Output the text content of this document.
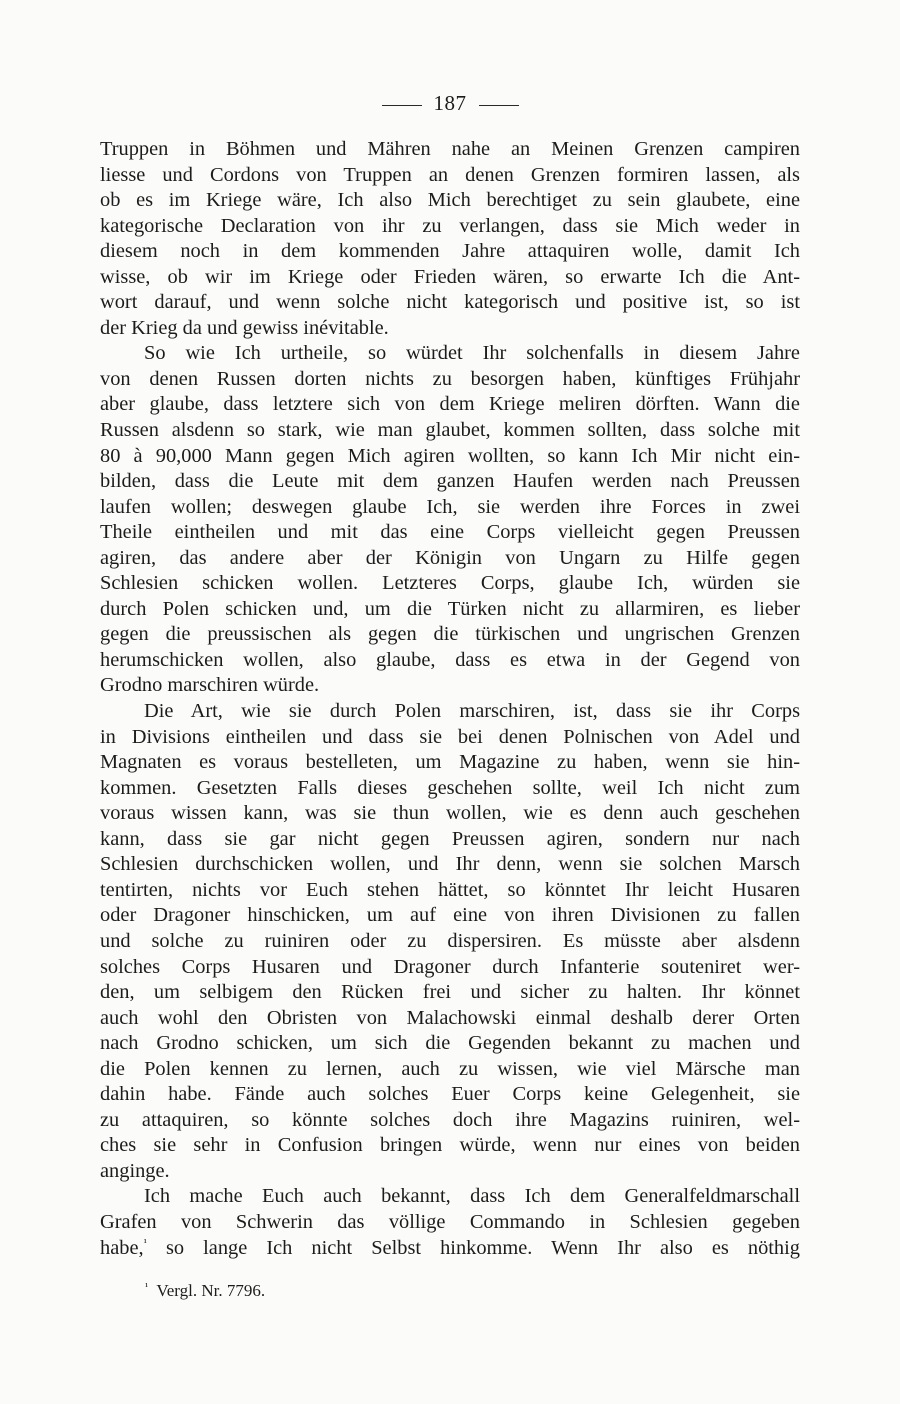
187
Truppen in Böhmen und Mähren nahe an Meinen Grenzen campiren
liesse und Cordons von Truppen an denen Grenzen formiren lassen, als
ob es im Kriege wäre, Ich also Mich berechtiget zu sein glaubete, eine
kategorische Declaration von ihr zu verlangen, dass sie Mich weder in
diesem noch in dem kommenden Jahre attaquiren wolle, damit Ich
wisse, ob wir im Kriege oder Frieden wären, so erwarte Ich die Ant-
wort darauf, und wenn solche nicht kategorisch und positive ist, so ist
der Krieg da und gewiss inévitable.
So wie Ich urtheile, so würdet Ihr solchenfalls in diesem Jahre
von denen Russen dorten nichts zu besorgen haben, künftiges Frühjahr
aber glaube, dass letztere sich von dem Kriege meliren dörften. Wann die
Russen alsdenn so stark, wie man glaubet, kommen sollten, dass solche mit
80 à 90,000 Mann gegen Mich agiren wollten, so kann Ich Mir nicht ein-
bilden, dass die Leute mit dem ganzen Haufen werden nach Preussen
laufen wollen; deswegen glaube Ich, sie werden ihre Forces in zwei
Theile eintheilen und mit das eine Corps vielleicht gegen Preussen
agiren, das andere aber der Königin von Ungarn zu Hilfe gegen
Schlesien schicken wollen. Letzteres Corps, glaube Ich, würden sie
durch Polen schicken und, um die Türken nicht zu allarmiren, es lieber
gegen die preussischen als gegen die türkischen und ungrischen Grenzen
herumschicken wollen, also glaube, dass es etwa in der Gegend von
Grodno marschiren würde.
Die Art, wie sie durch Polen marschiren, ist, dass sie ihr Corps
in Divisions eintheilen und dass sie bei denen Polnischen von Adel und
Magnaten es voraus bestelleten, um Magazine zu haben, wenn sie hin-
kommen. Gesetzten Falls dieses geschehen sollte, weil Ich nicht zum
voraus wissen kann, was sie thun wollen, wie es denn auch geschehen
kann, dass sie gar nicht gegen Preussen agiren, sondern nur nach
Schlesien durchschicken wollen, und Ihr denn, wenn sie solchen Marsch
tentirten, nichts vor Euch stehen hättet, so könntet Ihr leicht Husaren
oder Dragoner hinschicken, um auf eine von ihren Divisionen zu fallen
und solche zu ruiniren oder zu dispersiren. Es müsste aber alsdenn
solches Corps Husaren und Dragoner durch Infanterie souteniret wer-
den, um selbigem den Rücken frei und sicher zu halten. Ihr könnet
auch wohl den Obristen von Malachowski einmal deshalb derer Orten
nach Grodno schicken, um sich die Gegenden bekannt zu machen und
die Polen kennen zu lernen, auch zu wissen, wie viel Märsche man
dahin habe. Fände auch solches Euer Corps keine Gelegenheit, sie
zu attaquiren, so könnte solches doch ihre Magazins ruiniren, wel-
ches sie sehr in Confusion bringen würde, wenn nur eines von beiden
anginge.
Ich mache Euch auch bekannt, dass Ich dem Generalfeldmarschall
Grafen von Schwerin das völlige Commando in Schlesien gegeben
habe,$^{^1}$ so lange Ich nicht Selbst hinkomme. Wenn Ihr also es nöthig
$^{^1}$ Vergl. Nr. 7796.
